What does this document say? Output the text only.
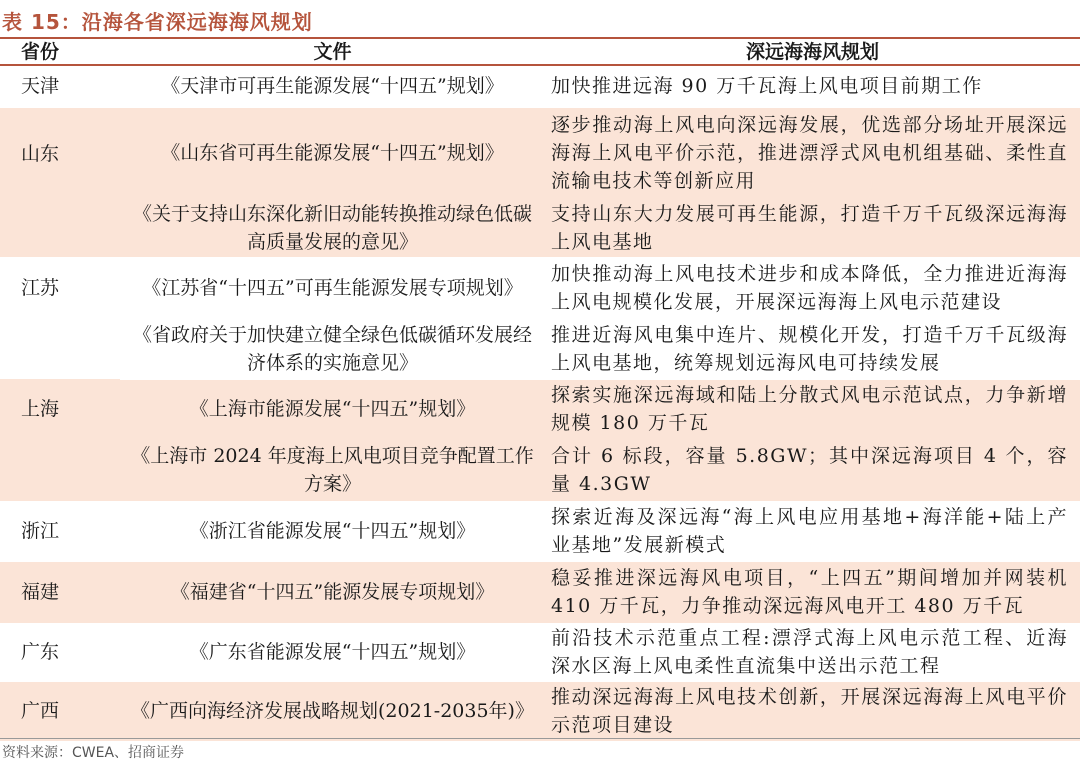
表 15：沿海各省深远海海风规划
省份	文件	深远海海风规划
天津	《天津市可再生能源发展“十四五”规划》	加快推进远海 90 万千瓦海上风电项目前期工作
山东	《山东省可再生能源发展“十四五”规划》	逐步推动海上风电向深远海发展，优选部分场址开展深远海海上风电平价示范，推进漂浮式风电机组基础、柔性直流输电技术等创新应用
	《关于支持山东深化新旧动能转换推动绿色低碳高质量发展的意见》	支持山东大力发展可再生能源，打造千万千瓦级深远海海上风电基地
江苏	《江苏省“十四五”可再生能源发展专项规划》	加快推动海上风电技术进步和成本降低，全力推进近海海上风电规模化发展，开展深远海海上风电示范建设
	《省政府关于加快建立健全绿色低碳循环发展经济体系的实施意见》	推进近海风电集中连片、规模化开发，打造千万千瓦级海上风电基地，统筹规划远海风电可持续发展
上海	《上海市能源发展“十四五”规划》	探索实施深远海域和陆上分散式风电示范试点，力争新增规模 180 万千瓦
	《上海市 2024 年度海上风电项目竞争配置工作方案》	合计 6 标段，容量 5.8GW；其中深远海项目 4 个，容量 4.3GW
浙江	《浙江省能源发展“十四五”规划》	探索近海及深远海“海上风电应用基地+海洋能+陆上产业基地”发展新模式
福建	《福建省“十四五”能源发展专项规划》	稳妥推进深远海风电项目，“上四五”期间增加并网装机 410 万千瓦，力争推动深远海风电开工 480 万千瓦
广东	《广东省能源发展“十四五”规划》	前沿技术示范重点工程:漂浮式海上风电示范工程、近海深水区海上风电柔性直流集中送出示范工程
广西	《广西向海经济发展战略规划(2021-2035年)》	推动深远海海上风电技术创新，开展深远海海上风电平价示范项目建设
资料来源：CWEA、招商证券
